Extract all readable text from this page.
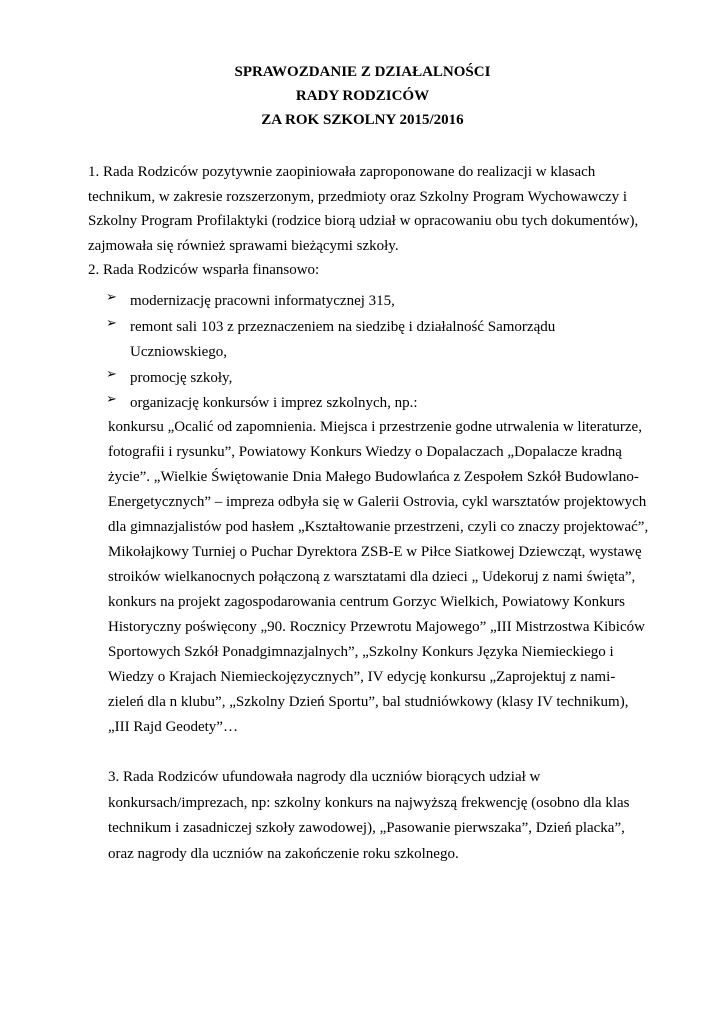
SPRAWOZDANIE Z DZIAŁALNOŚCI
RADY RODZICÓW
ZA ROK SZKOLNY 2015/2016
1. Rada Rodziców pozytywnie zaopiniowała zaproponowane do realizacji w klasach
technikum, w zakresie rozszerzonym, przedmioty oraz Szkolny Program Wychowawczy i
Szkolny Program Profilaktyki (rodzice biorą udział w opracowaniu obu tych dokumentów),
zajmowała się również sprawami bieżącymi szkoły.
2. Rada Rodziców wsparła finansowo:
➢ modernizację pracowni informatycznej 315,
➢ remont sali 103 z przeznaczeniem na siedzibę i działalność Samorządu
Uczniowskiego,
➢ promocję szkoły,
➢ organizację konkursów i imprez szkolnych, np.:
konkursu „Ocalić od zapomnienia. Miejsca i przestrzenie godne utrwalenia w literaturze,
fotografii i rysunku”, Powiatowy Konkurs Wiedzy o Dopalaczach „Dopalacze kradną
życie”. „Wielkie Świętowanie Dnia Małego Budowlańca z Zespołem Szkół Budowlano-
Energetycznych” – impreza odbyła się w Galerii Ostrovia, cykl warsztatów projektowych
dla gimnazjalistów pod hasłem „Kształtowanie przestrzeni, czyli co znaczy projektować”,
Mikołajkowy Turniej o Puchar Dyrektora ZSB-E w Piłce Siatkowej Dziewcząt, wystawę
stroików wielkanocnych połączoną z warsztatami dla dzieci „ Udekoruj z nami święta”,
konkurs na projekt zagospodarowania centrum Gorzyc Wielkich, Powiatowy Konkurs
Historyczny poświęcony „90. Rocznicy Przewrotu Majowego” „III Mistrzostwa Kibiców
Sportowych Szkół Ponadgimnazjalnych”, „Szkolny Konkurs Języka Niemieckiego i
Wiedzy o Krajach Niemieckojęzycznych”, IV edycję konkursu „Zaprojektuj z nami-
zieleń dla n klubu”, „Szkolny Dzień Sportu”, bal studniówkowy (klasy IV technikum),
„III Rajd Geodety”…
3. Rada Rodziców ufundowała nagrody dla uczniów biorących udział w
konkursach/imprezach, np: szkolny konkurs na najwyższą frekwencję (osobno dla klas
technikum i zasadniczej szkoły zawodowej), „Pasowanie pierwszaka”, Dzień placka”,
oraz nagrody dla uczniów na zakończenie roku szkolnego.
